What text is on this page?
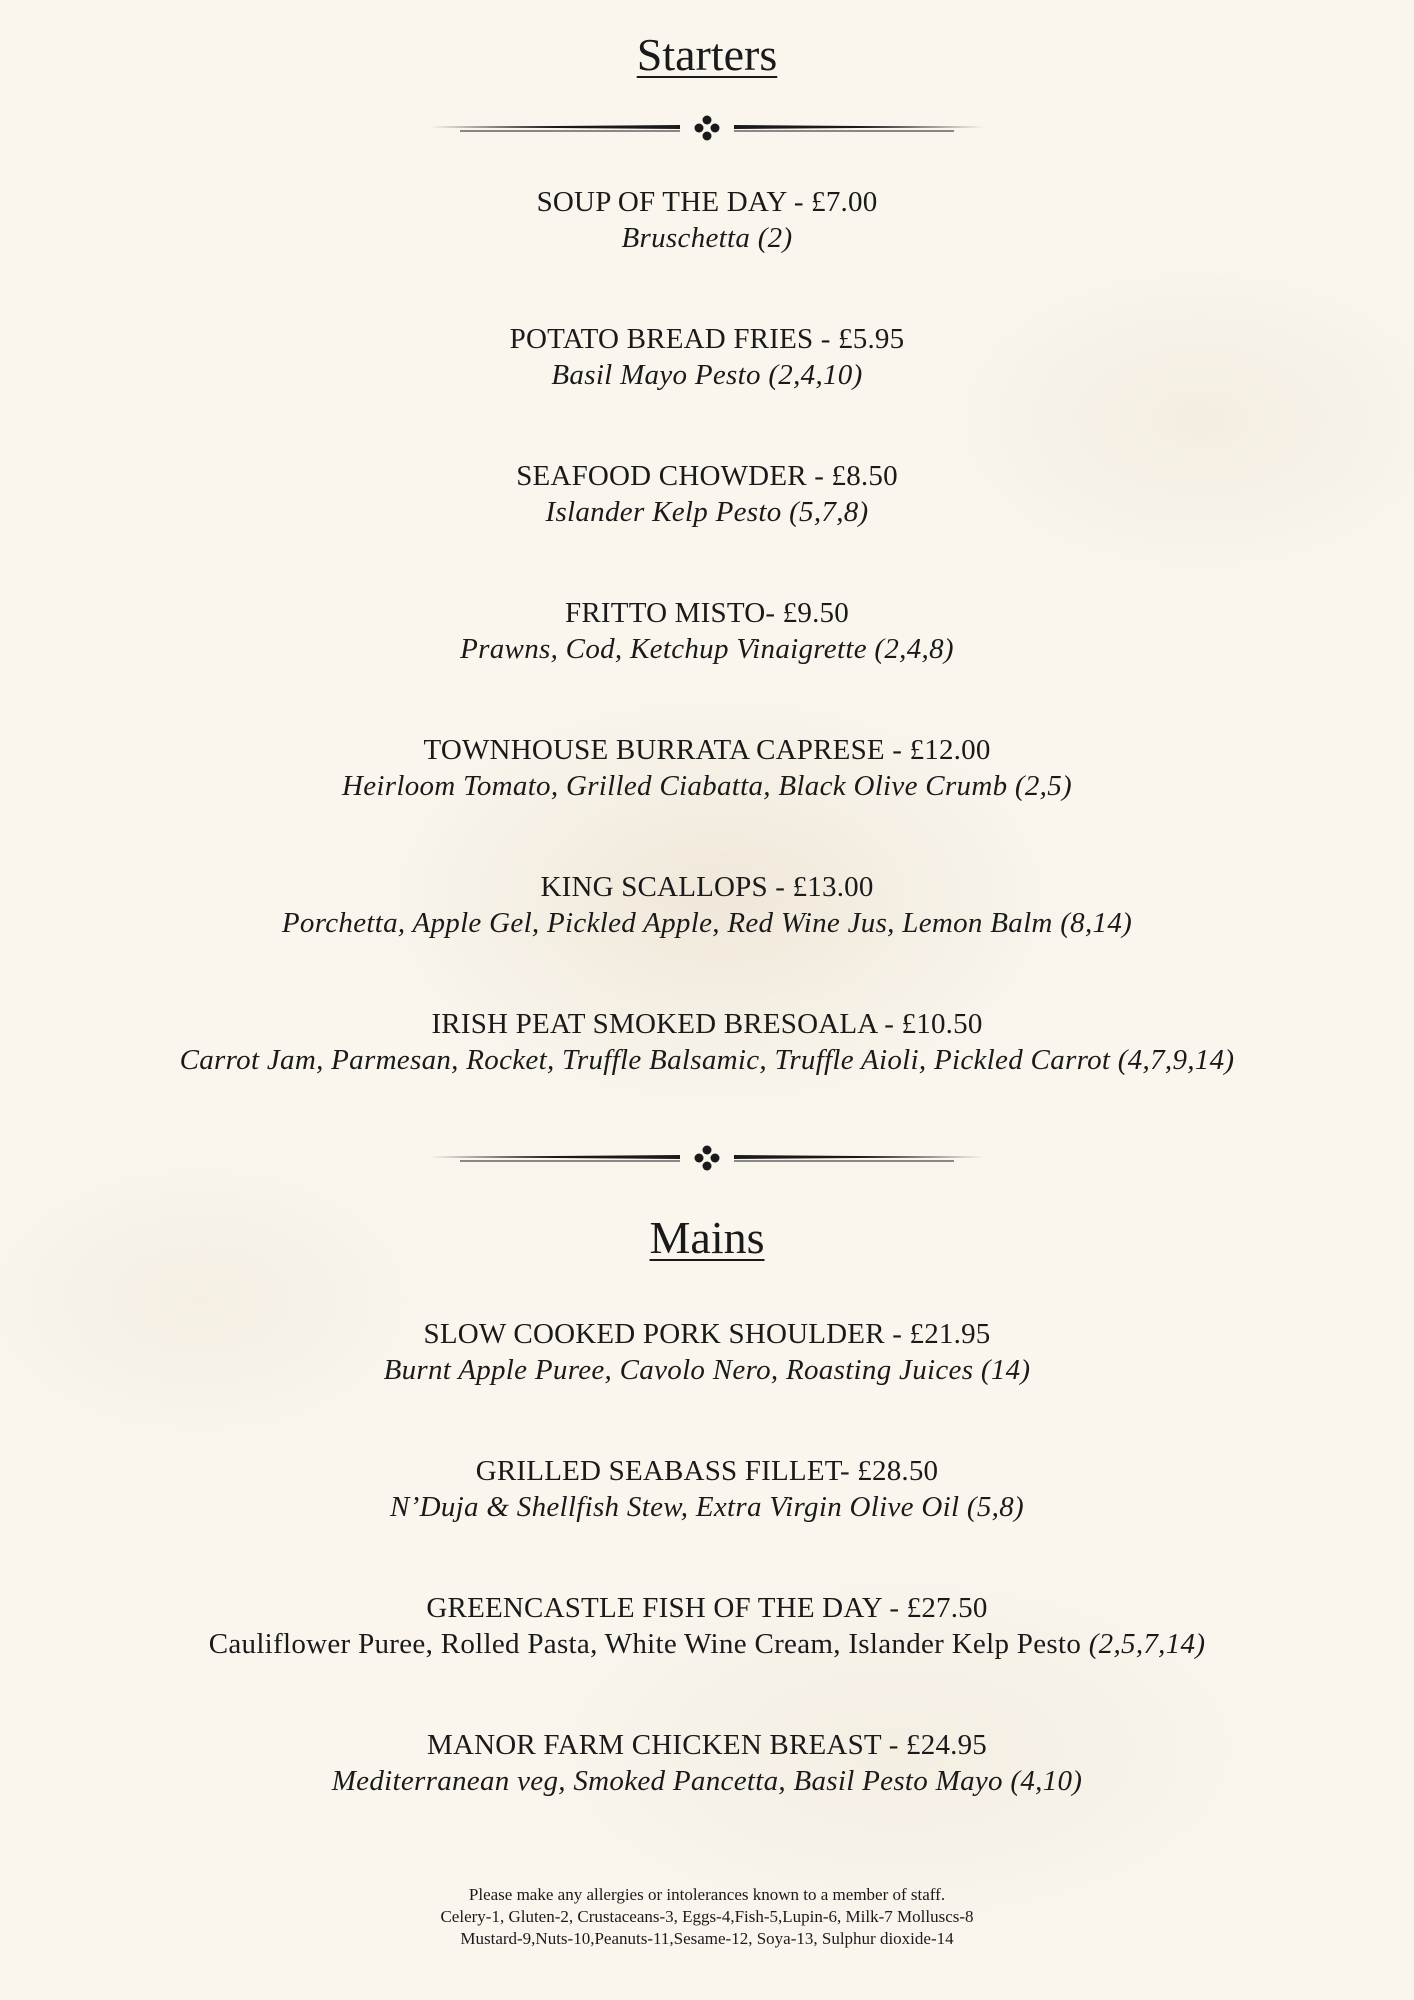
Starters
SOUP OF THE DAY - £7.00
Bruschetta (2)
POTATO BREAD FRIES - £5.95
Basil Mayo Pesto (2,4,10)
SEAFOOD CHOWDER - £8.50
Islander Kelp Pesto (5,7,8)
FRITTO MISTO- £9.50
Prawns, Cod, Ketchup Vinaigrette (2,4,8)
TOWNHOUSE BURRATA CAPRESE - £12.00
Heirloom Tomato, Grilled Ciabatta, Black Olive Crumb (2,5)
KING SCALLOPS - £13.00
Porchetta, Apple Gel, Pickled Apple, Red Wine Jus, Lemon Balm (8,14)
IRISH PEAT SMOKED BRESOALA - £10.50
Carrot Jam, Parmesan, Rocket, Truffle Balsamic, Truffle Aioli, Pickled Carrot (4,7,9,14)
Mains
SLOW COOKED PORK SHOULDER - £21.95
Burnt Apple Puree, Cavolo Nero, Roasting Juices (14)
GRILLED SEABASS FILLET- £28.50
N’Duja & Shellfish Stew, Extra Virgin Olive Oil (5,8)
GREENCASTLE FISH OF THE DAY - £27.50
Cauliflower Puree, Rolled Pasta, White Wine Cream, Islander Kelp Pesto (2,5,7,14)
MANOR FARM CHICKEN BREAST - £24.95
Mediterranean veg, Smoked Pancetta, Basil Pesto Mayo (4,10)
Please make any allergies or intolerances known to a member of staff.
Celery-1, Gluten-2, Crustaceans-3, Eggs-4,Fish-5,Lupin-6, Milk-7 Molluscs-8
Mustard-9,Nuts-10,Peanuts-11,Sesame-12, Soya-13, Sulphur dioxide-14
